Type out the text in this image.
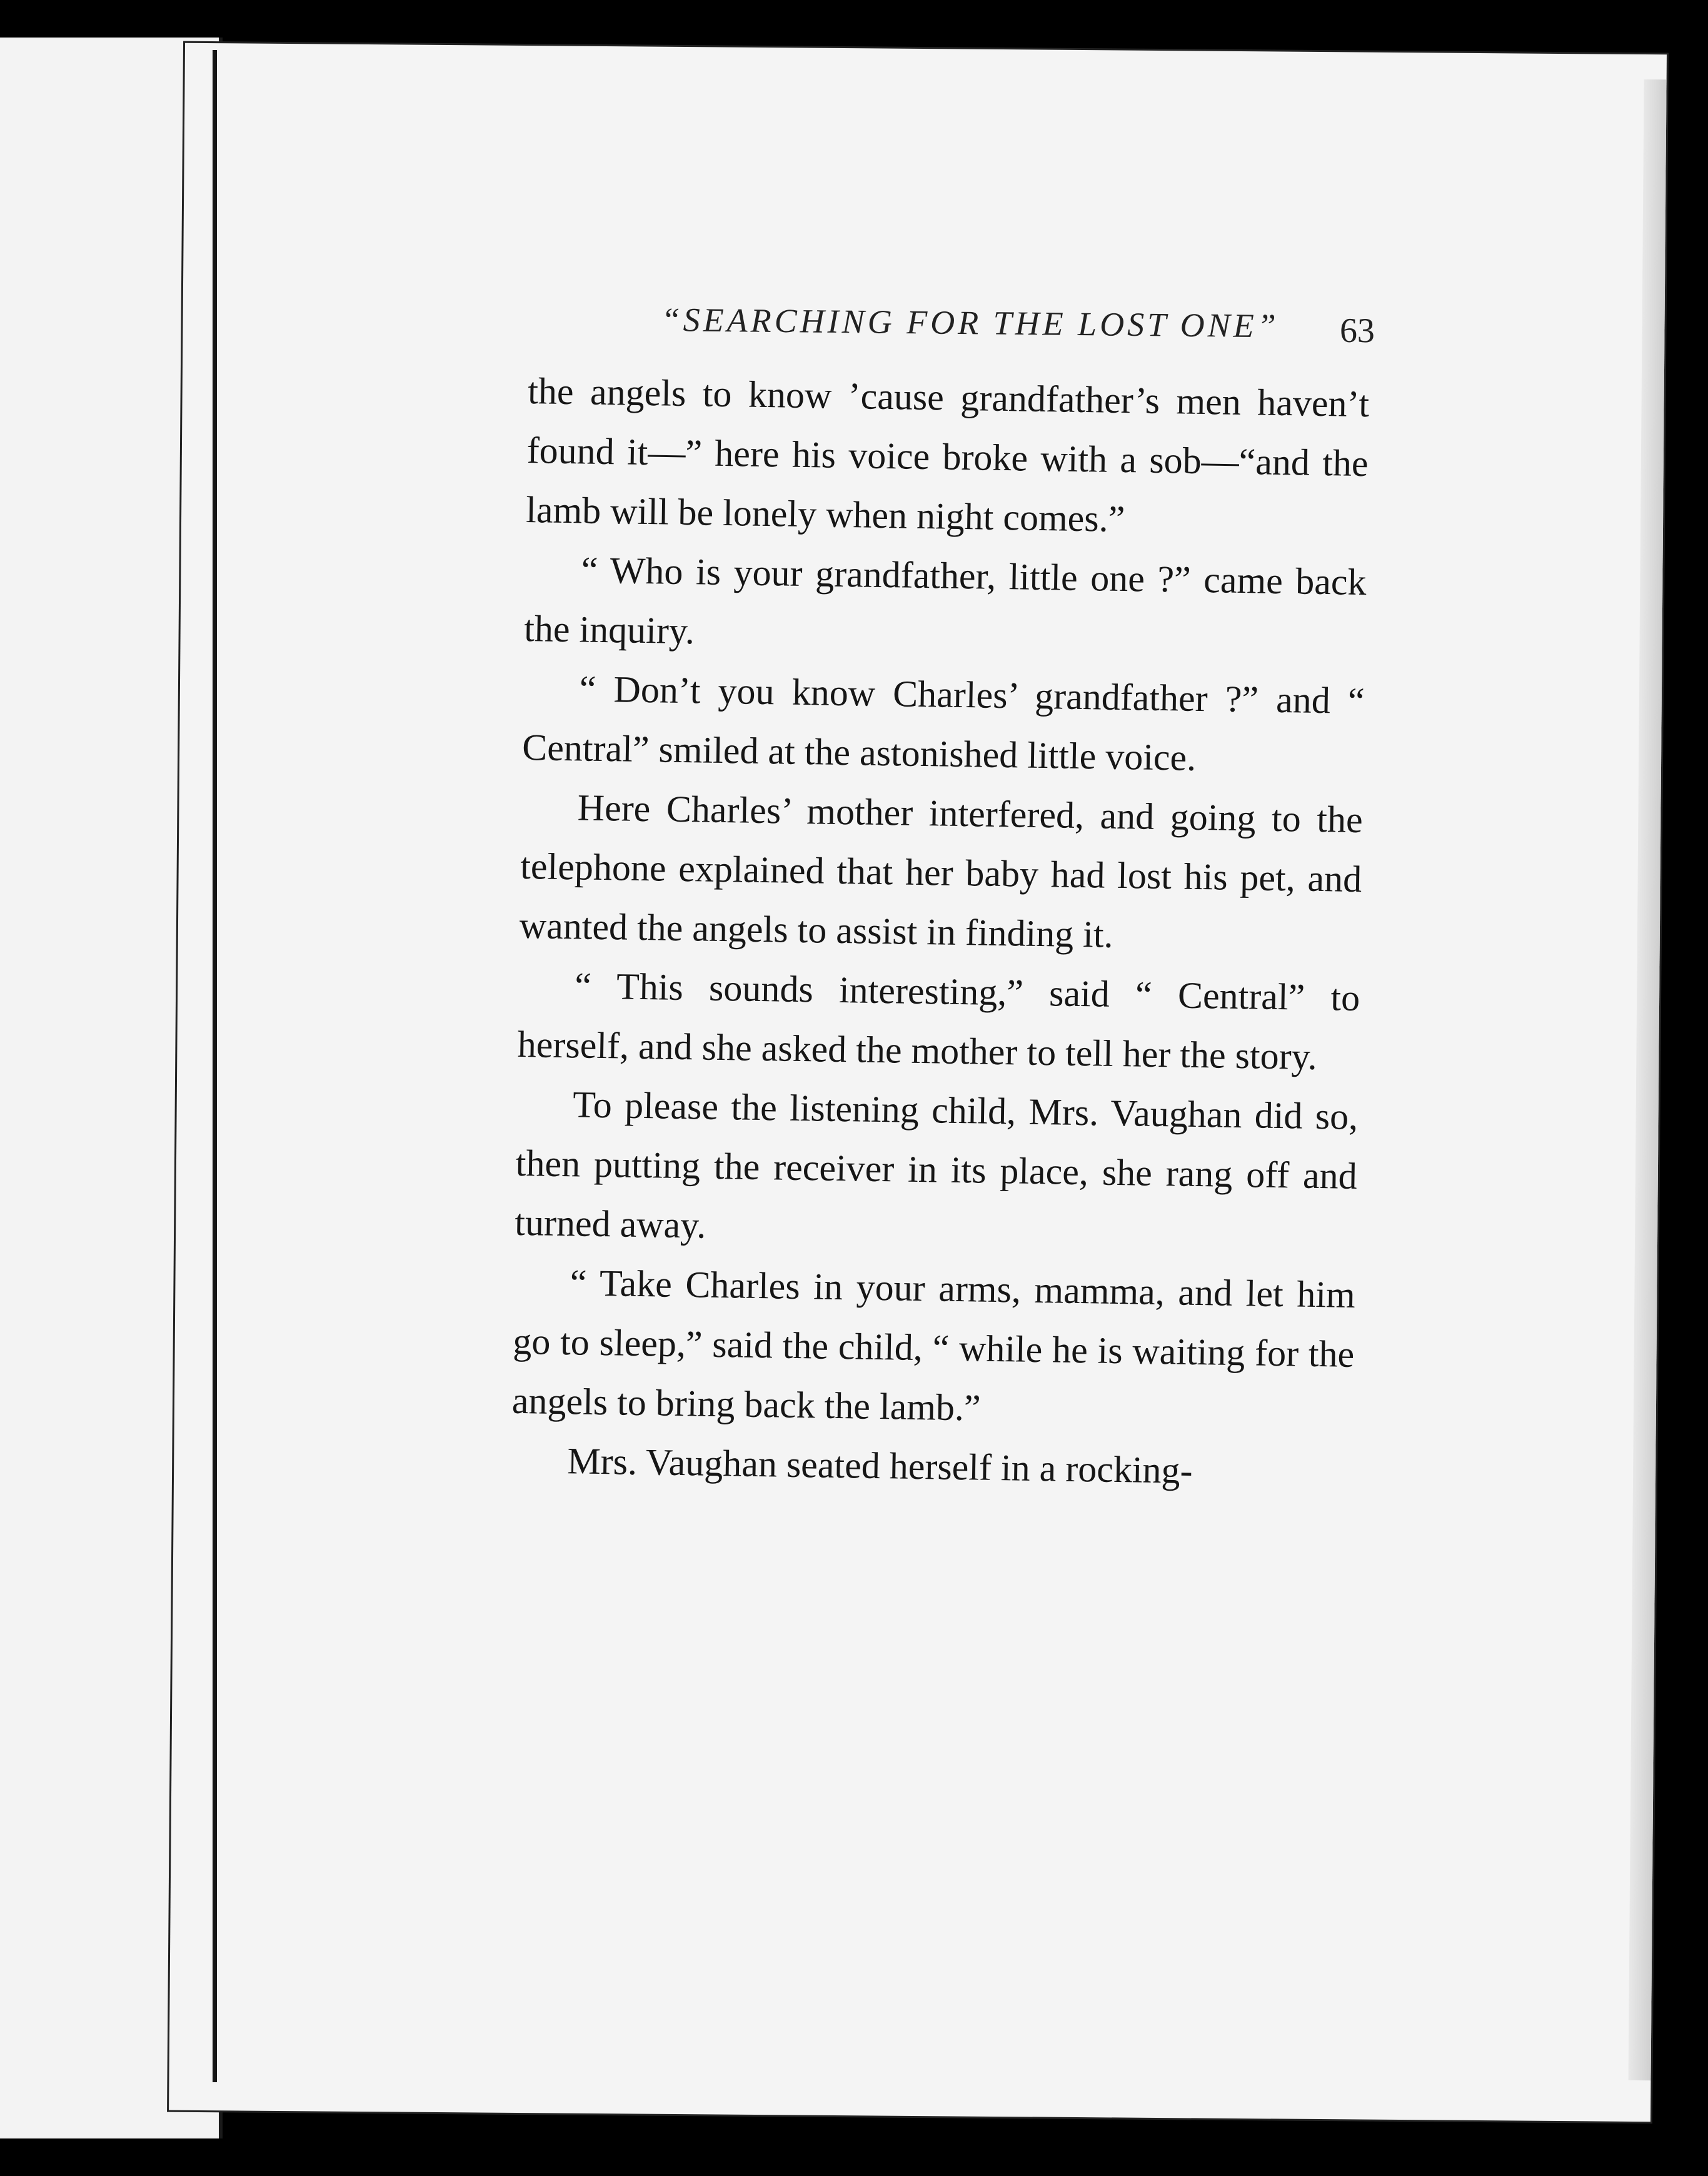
“SEARCHING FOR THE LOST ONE”	63

the angels to know ’cause grandfather’s men haven’t found it—” here his voice broke with a sob—“and the lamb will be lonely when night comes.”

“ Who is your grandfather, little one ?” came back the inquiry.

“ Don’t you know Charles’ grandfather ?” and “ Central” smiled at the astonished little voice.

Here Charles’ mother interfered, and going to the telephone explained that her baby had lost his pet, and wanted the angels to assist in finding it.

“ This sounds interesting,” said “ Central” to herself, and she asked the mother to tell her the story.

To please the listening child, Mrs. Vaughan did so, then putting the receiver in its place, she rang off and turned away.

“ Take Charles in your arms, mamma, and let him go to sleep,” said the child, “ while he is waiting for the angels to bring back the lamb.”

Mrs. Vaughan seated herself in a rocking-
